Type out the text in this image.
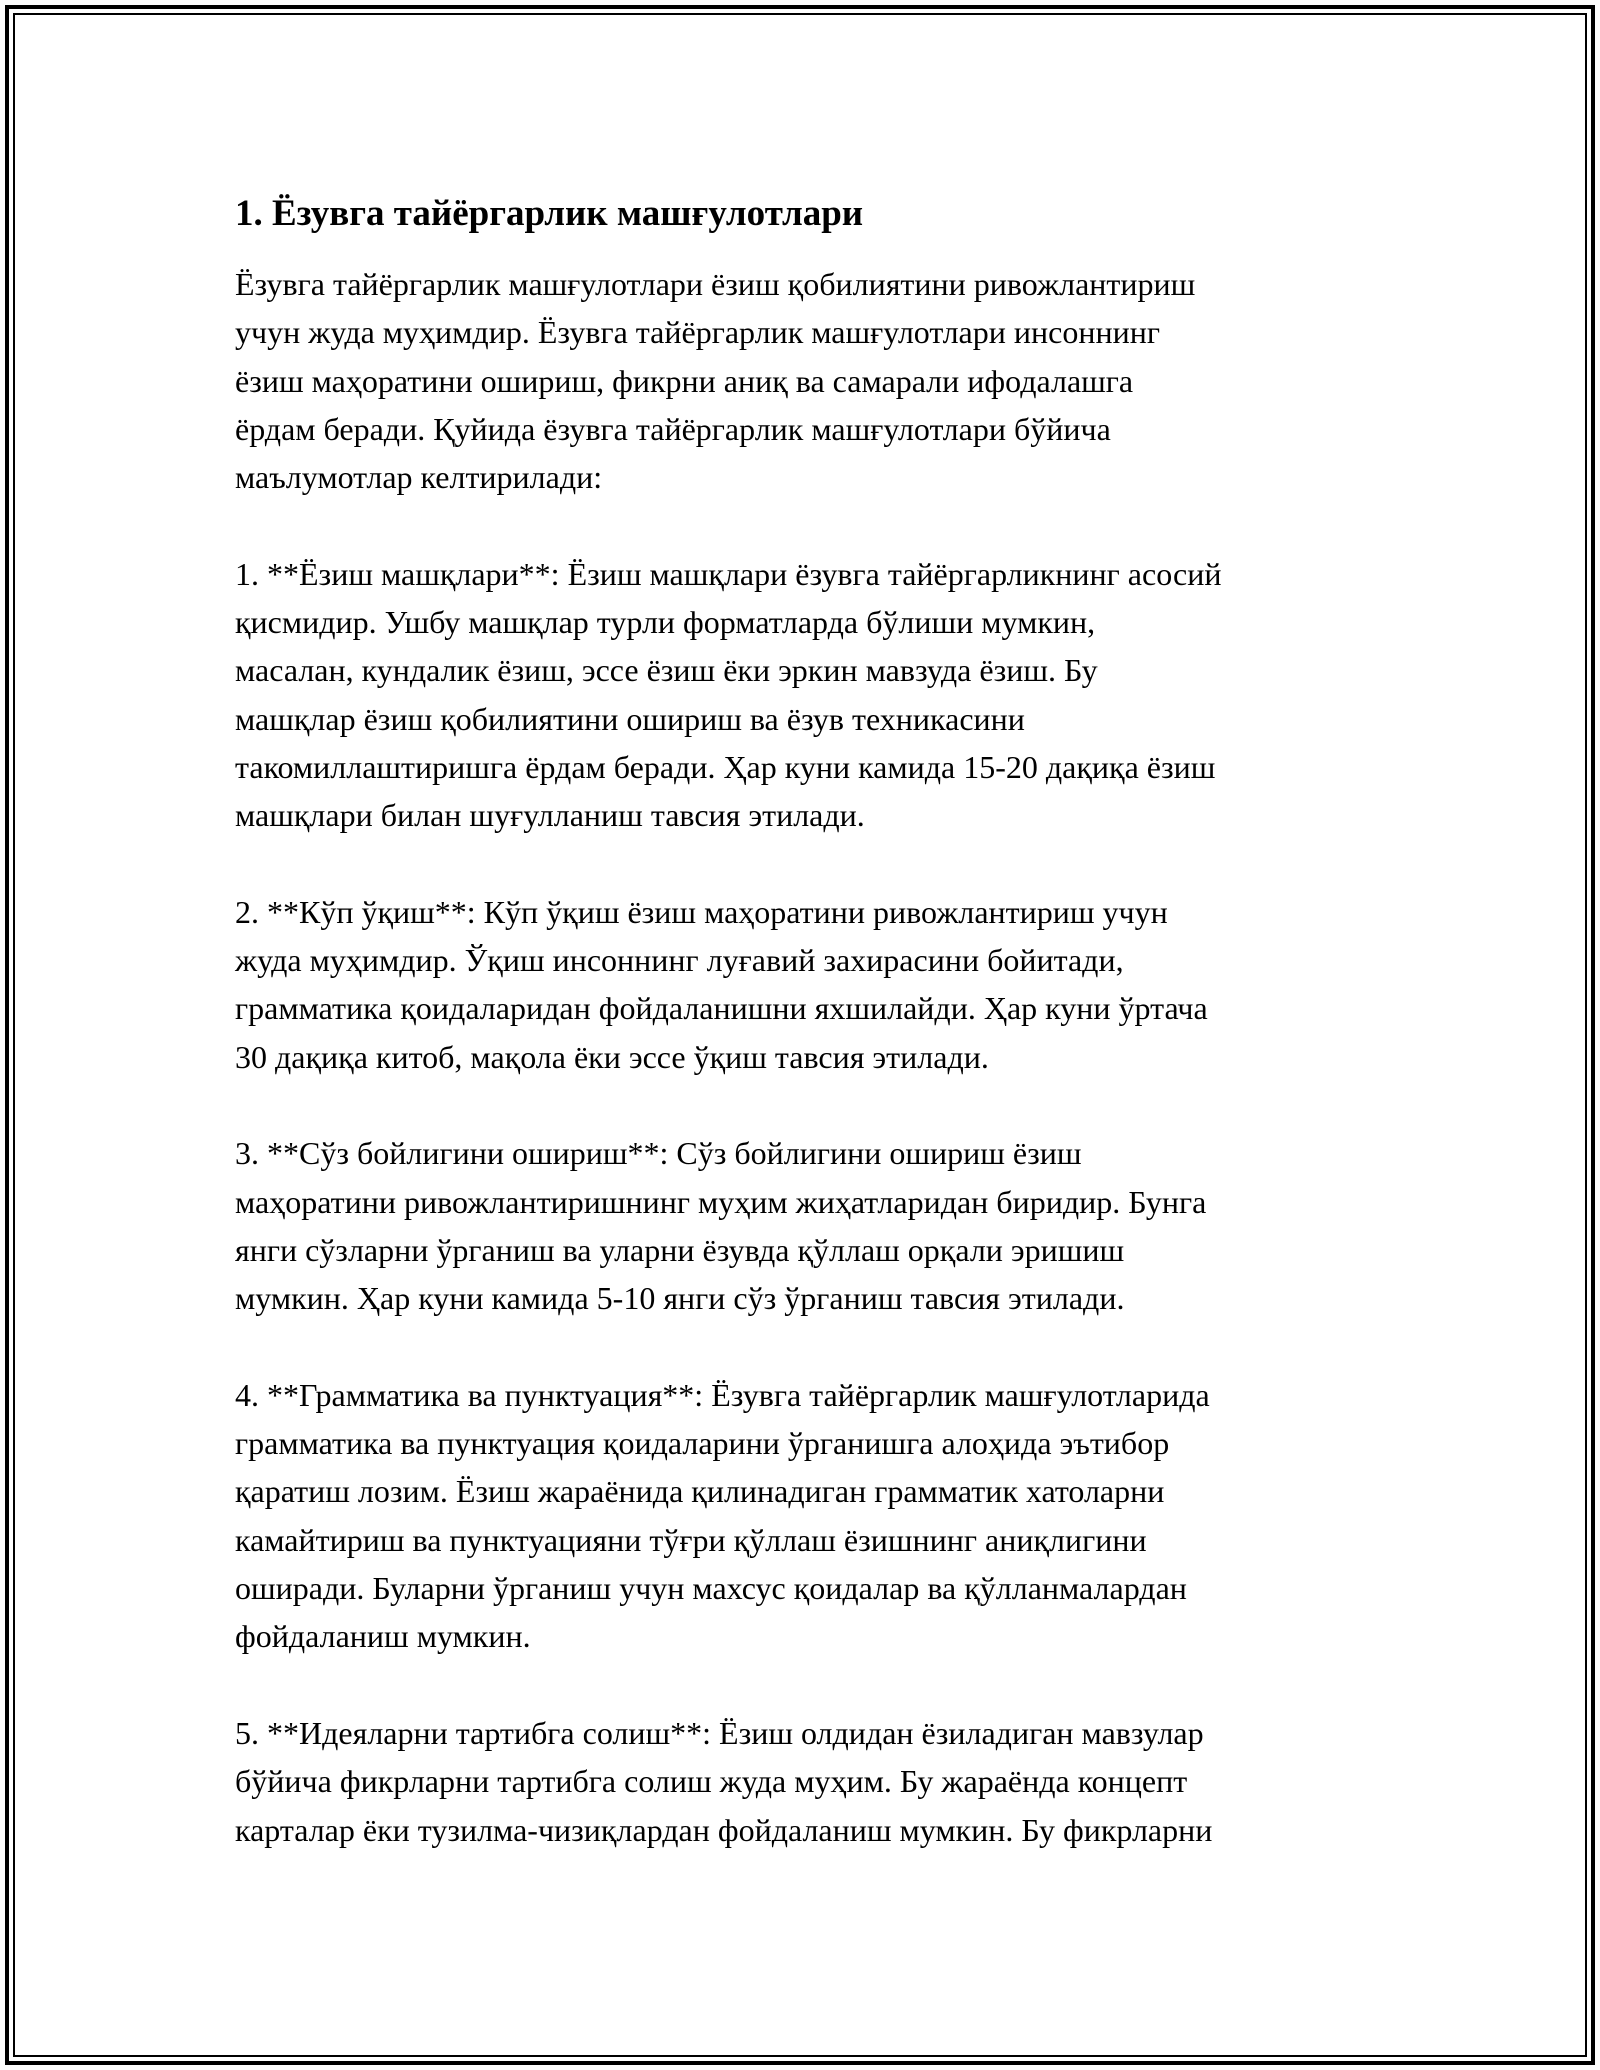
1. Ёзувга тайёргарлик машғулотлари
Ёзувга тайёргарлик машғулотлари ёзиш қобилиятини ривожлантириш
учун жуда муҳимдир. Ёзувга тайёргарлик машғулотлари инсоннинг
ёзиш маҳоратини ошириш, фикрни аниқ ва самарали ифодалашга
ёрдам беради. Қуйида ёзувга тайёргарлик машғулотлари бўйича
маълумотлар келтирилади:
1. **Ёзиш машқлари**: Ёзиш машқлари ёзувга тайёргарликнинг асосий
қисмидир. Ушбу машқлар турли форматларда бўлиши мумкин,
масалан, кундалик ёзиш, эссе ёзиш ёки эркин мавзуда ёзиш. Бу
машқлар ёзиш қобилиятини ошириш ва ёзув техникасини
такомиллаштиришга ёрдам беради. Ҳар куни камида 15-20 дақиқа ёзиш
машқлари билан шуғулланиш тавсия этилади.
2. **Кўп ўқиш**: Кўп ўқиш ёзиш маҳоратини ривожлантириш учун
жуда муҳимдир. Ўқиш инсоннинг луғавий захирасини бойитади,
грамматика қоидаларидан фойдаланишни яхшилайди. Ҳар куни ўртача
30 дақиқа китоб, мақола ёки эссе ўқиш тавсия этилади.
3. **Сўз бойлигини ошириш**: Сўз бойлигини ошириш ёзиш
маҳоратини ривожлантиришнинг муҳим жиҳатларидан биридир. Бунга
янги сўзларни ўрганиш ва уларни ёзувда қўллаш орқали эришиш
мумкин. Ҳар куни камида 5-10 янги сўз ўрганиш тавсия этилади.
4. **Грамматика ва пунктуация**: Ёзувга тайёргарлик машғулотларида
грамматика ва пунктуация қоидаларини ўрганишга алоҳида эътибор
қаратиш лозим. Ёзиш жараёнида қилинадиган грамматик хатоларни
камайтириш ва пунктуацияни тўғри қўллаш ёзишнинг аниқлигини
оширади. Буларни ўрганиш учун махсус қоидалар ва қўлланмалардан
фойдаланиш мумкин.
5. **Идеяларни тартибга солиш**: Ёзиш олдидан ёзиладиган мавзулар
бўйича фикрларни тартибга солиш жуда муҳим. Бу жараёнда концепт
карталар ёки тузилма-чизиқлардан фойдаланиш мумкин. Бу фикрларни
